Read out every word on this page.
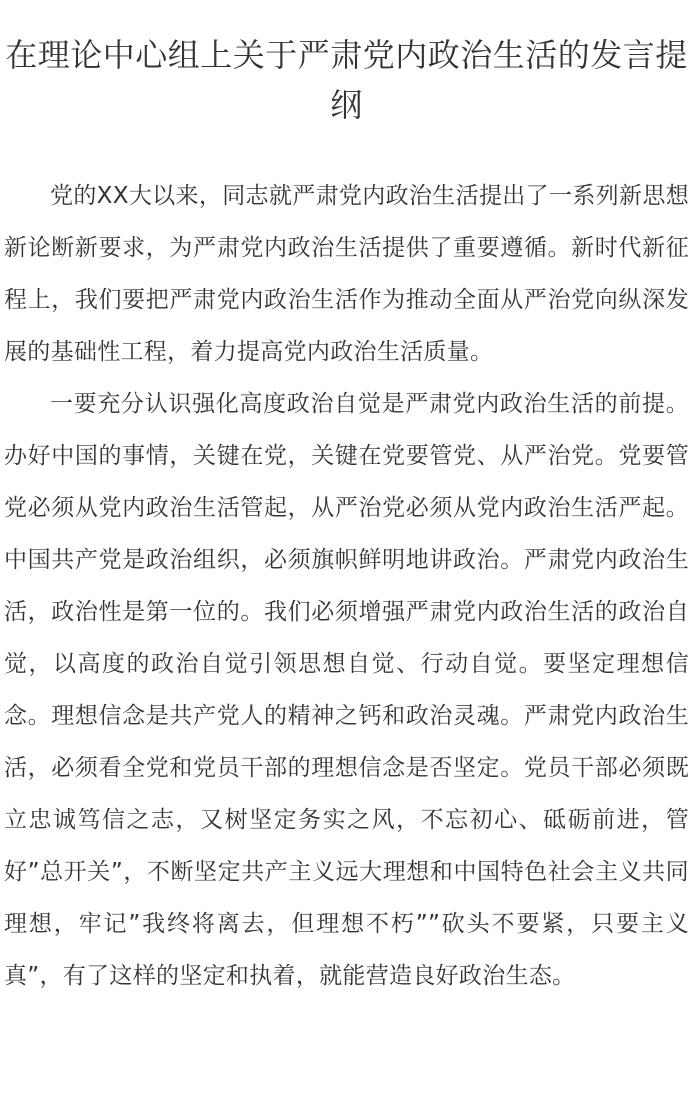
在理论中心组上关于严肃党内政治生活的发言提纲

党的XX大以来，同志就严肃党内政治生活提出了一系列新思想新论断新要求，为严肃党内政治生活提供了重要遵循。新时代新征程上，我们要把严肃党内政治生活作为推动全面从严治党向纵深发展的基础性工程，着力提高党内政治生活质量。

一要充分认识强化高度政治自觉是严肃党内政治生活的前提。办好中国的事情，关键在党，关键在党要管党、从严治党。党要管党必须从党内政治生活管起，从严治党必须从党内政治生活严起。中国共产党是政治组织，必须旗帜鲜明地讲政治。严肃党内政治生活，政治性是第一位的。我们必须增强严肃党内政治生活的政治自觉，以高度的政治自觉引领思想自觉、行动自觉。要坚定理想信念。理想信念是共产党人的精神之钙和政治灵魂。严肃党内政治生活，必须看全党和党员干部的理想信念是否坚定。党员干部必须既立忠诚笃信之志，又树坚定务实之风，不忘初心、砥砺前进，管好”总开关”，不断坚定共产主义远大理想和中国特色社会主义共同理想，牢记”我终将离去，但理想不朽””砍头不要紧，只要主义真”，有了这样的坚定和执着，就能营造良好政治生态。
